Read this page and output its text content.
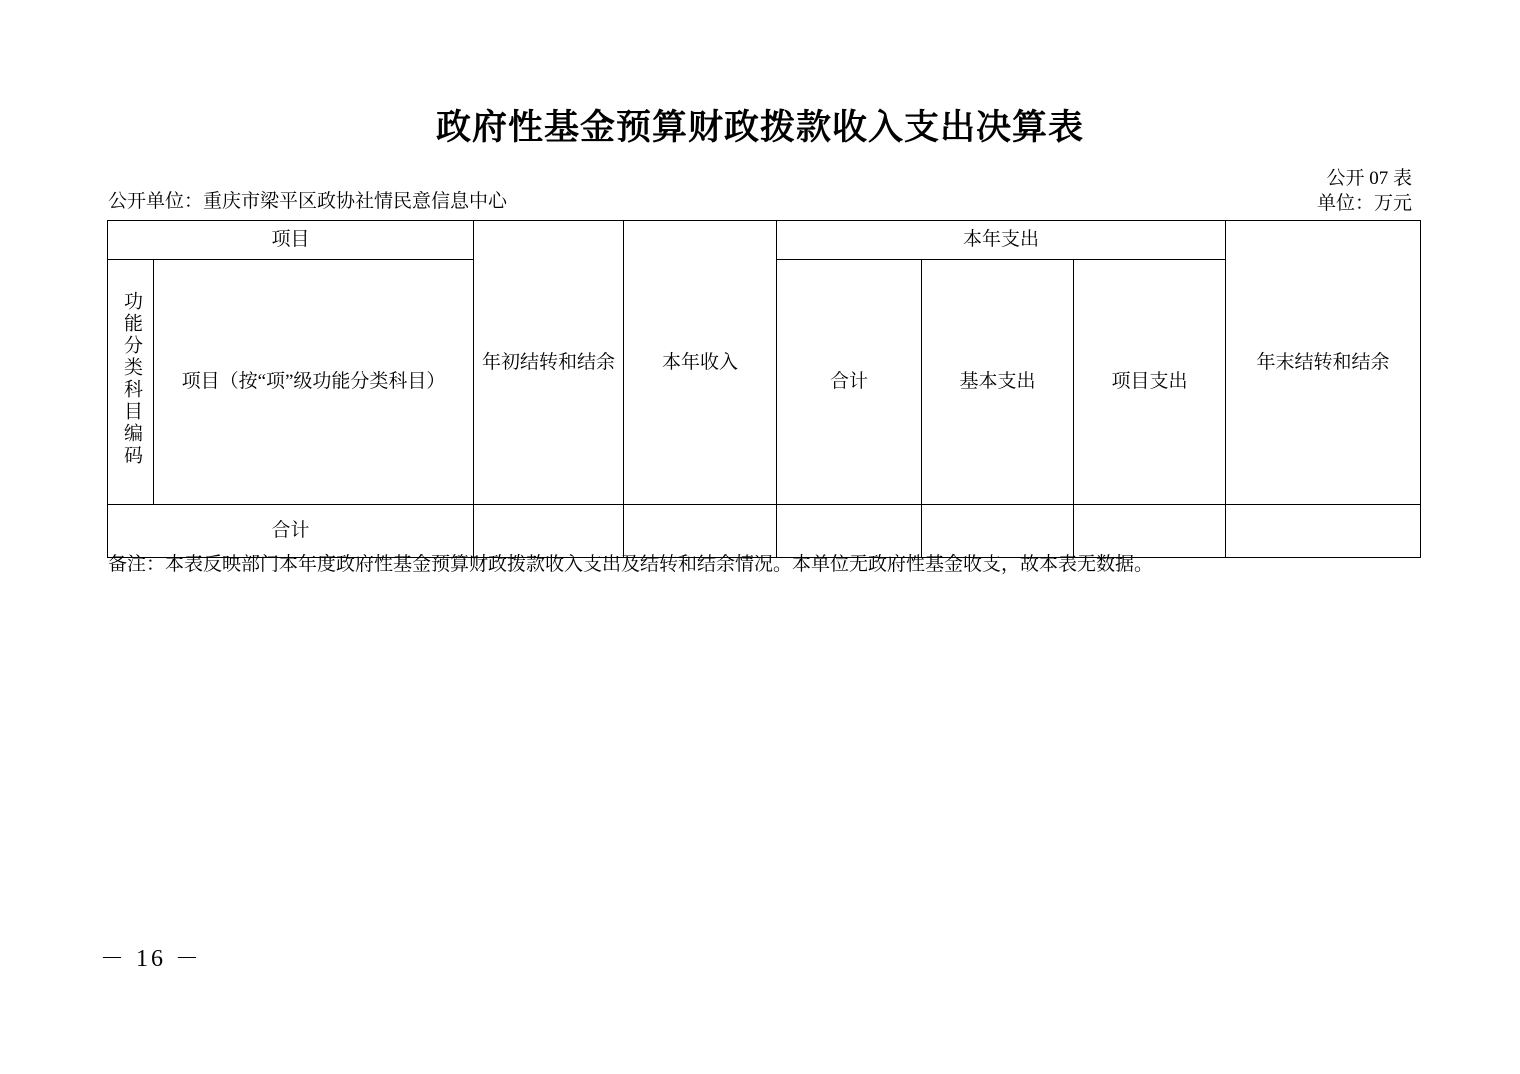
政府性基金预算财政拨款收入支出决算表
公开 07 表
单位：万元
公开单位：重庆市梁平区政协社情民意信息中心
项目		年初结转和结余	本年收入	本年支出			年末结转和结余
功能分类科目编码	项目（按“项”级功能分类科目）			合计	基本支出	项目支出	
合计							
备注：本表反映部门本年度政府性基金预算财政拨款收入支出及结转和结余情况。本单位无政府性基金收支，故本表无数据。
－ 16 －
